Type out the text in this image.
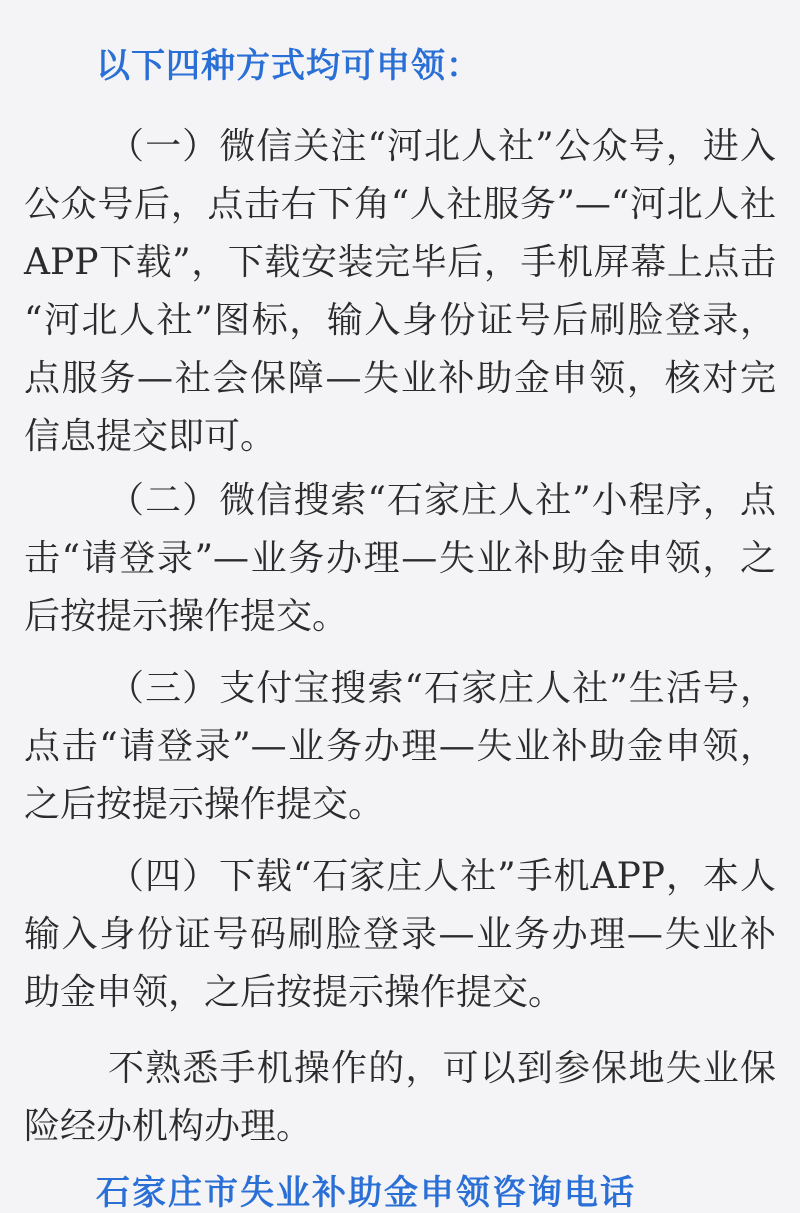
以下四种方式均可申领：
（一）微信关注“河北人社”公众号，进入
公众号后，点击右下角“人社服务”—“河北人社
APP下载”，下载安装完毕后，手机屏幕上点击
“河北人社”图标，输入身份证号后刷脸登录，
点服务—社会保障—失业补助金申领，核对完
信息提交即可。
（二）微信搜索“石家庄人社”小程序，点
击“请登录”—业务办理—失业补助金申领，之
后按提示操作提交。
（三）支付宝搜索“石家庄人社”生活号，
点击“请登录”—业务办理—失业补助金申领，
之后按提示操作提交。
（四）下载“石家庄人社”手机APP，本人
输入身份证号码刷脸登录—业务办理—失业补
助金申领，之后按提示操作提交。
不熟悉手机操作的，可以到参保地失业保
险经办机构办理。
石家庄市失业补助金申领咨询电话
